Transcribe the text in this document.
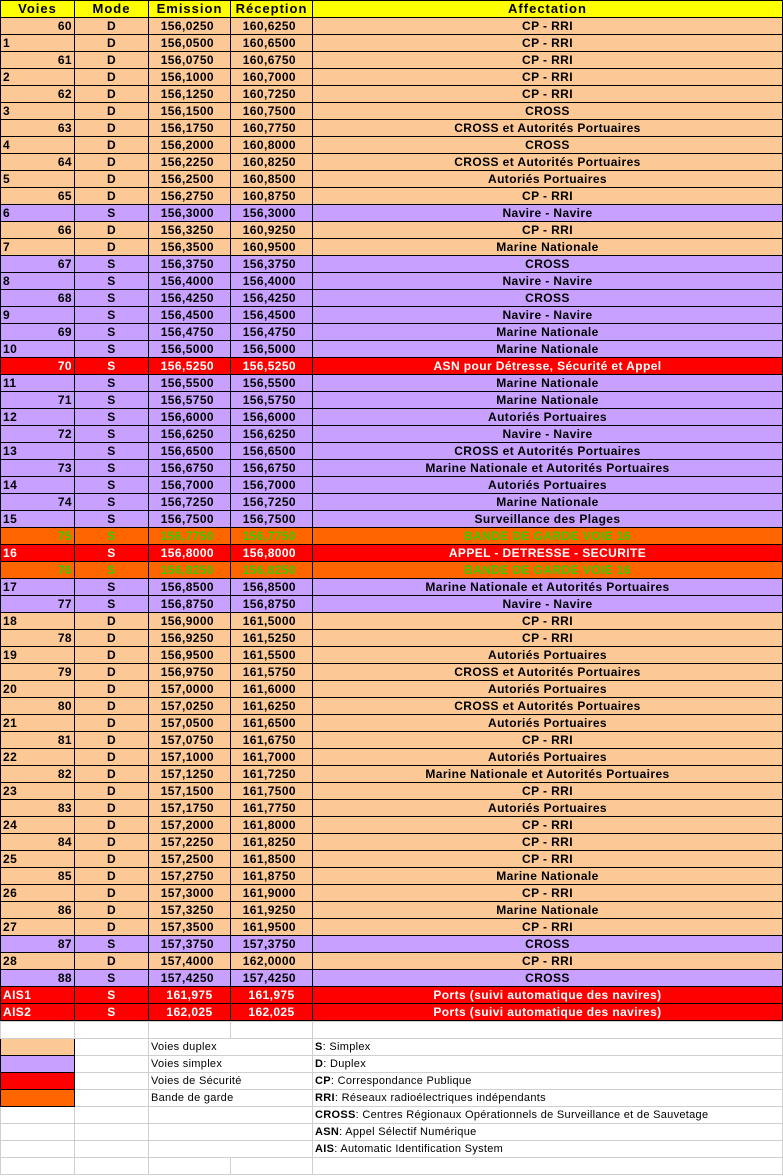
Voies	Mode	Emission	Réception	Affectation
60	D	156,0250	160,6250	CP - RRI
1	D	156,0500	160,6500	CP - RRI
61	D	156,0750	160,6750	CP - RRI
2	D	156,1000	160,7000	CP - RRI
62	D	156,1250	160,7250	CP - RRI
3	D	156,1500	160,7500	CROSS
63	D	156,1750	160,7750	CROSS et Autorités Portuaires
4	D	156,2000	160,8000	CROSS
64	D	156,2250	160,8250	CROSS et Autorités Portuaires
5	D	156,2500	160,8500	Autoriés Portuaires
65	D	156,2750	160,8750	CP - RRI
6	S	156,3000	156,3000	Navire - Navire
66	D	156,3250	160,9250	CP - RRI
7	D	156,3500	160,9500	Marine Nationale
67	S	156,3750	156,3750	CROSS
8	S	156,4000	156,4000	Navire - Navire
68	S	156,4250	156,4250	CROSS
9	S	156,4500	156,4500	Navire - Navire
69	S	156,4750	156,4750	Marine Nationale
10	S	156,5000	156,5000	Marine Nationale
70	S	156,5250	156,5250	ASN pour Détresse, Sécurité et Appel
11	S	156,5500	156,5500	Marine Nationale
71	S	156,5750	156,5750	Marine Nationale
12	S	156,6000	156,6000	Autoriés Portuaires
72	S	156,6250	156,6250	Navire - Navire
13	S	156,6500	156,6500	CROSS et Autorités Portuaires
73	S	156,6750	156,6750	Marine Nationale et Autorités Portuaires
14	S	156,7000	156,7000	Autoriés Portuaires
74	S	156,7250	156,7250	Marine Nationale
15	S	156,7500	156,7500	Surveillance des Plages
75	S	156,7750	156,7750	BANDE DE GARDE VOIE 16
16	S	156,8000	156,8000	APPEL - DETRESSE - SECURITE
76	S	156,8250	156,8250	BANDE DE GARDE VOIE 16
17	S	156,8500	156,8500	Marine Nationale et Autorités Portuaires
77	S	156,8750	156,8750	Navire - Navire
18	D	156,9000	161,5000	CP - RRI
78	D	156,9250	161,5250	CP - RRI
19	D	156,9500	161,5500	Autoriés Portuaires
79	D	156,9750	161,5750	CROSS et Autorités Portuaires
20	D	157,0000	161,6000	Autoriés Portuaires
80	D	157,0250	161,6250	CROSS et Autorités Portuaires
21	D	157,0500	161,6500	Autoriés Portuaires
81	D	157,0750	161,6750	CP - RRI
22	D	157,1000	161,7000	Autoriés Portuaires
82	D	157,1250	161,7250	Marine Nationale et Autorités Portuaires
23	D	157,1500	161,7500	CP - RRI
83	D	157,1750	161,7750	Autoriés Portuaires
24	D	157,2000	161,8000	CP - RRI
84	D	157,2250	161,8250	CP - RRI
25	D	157,2500	161,8500	CP - RRI
85	D	157,2750	161,8750	Marine Nationale
26	D	157,3000	161,9000	CP - RRI
86	D	157,3250	161,9250	Marine Nationale
27	D	157,3500	161,9500	CP - RRI
87	S	157,3750	157,3750	CROSS
28	D	157,4000	162,0000	CP - RRI
88	S	157,4250	157,4250	CROSS
AIS1	S	161,975	161,975	Ports (suivi automatique des navires)
AIS2	S	162,025	162,025	Ports (suivi automatique des navires)

		Voies duplex		S: Simplex
		Voies simplex		D: Duplex
		Voies de Sécurité		CP: Correspondance Publique
		Bande de garde		RRI: Réseaux radioélectriques indépendants
				CROSS: Centres Régionaux Opérationnels de Surveillance et de Sauvetage
				ASN: Appel Sélectif Numérique
				AIS: Automatic Identification System
